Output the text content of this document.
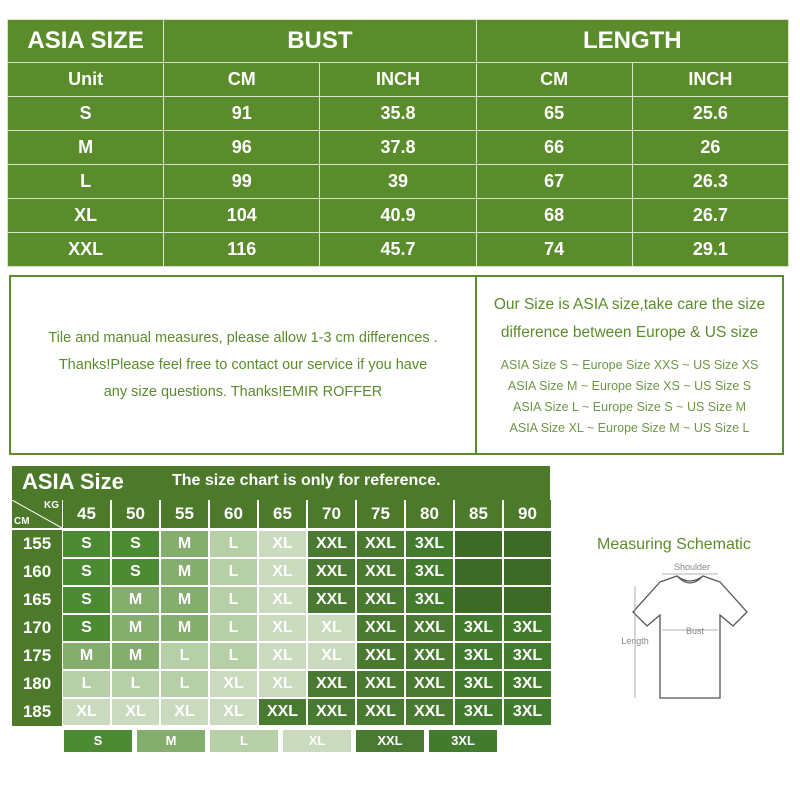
ASIA SIZE	BUST		LENGTH	
Unit	CM	INCH	CM	INCH
S	91	35.8	65	25.6
M	96	37.8	66	26
L	99	39	67	26.3
XL	104	40.9	68	26.7
XXL	116	45.7	74	29.1
Tile and manual measures, please allow 1-3 cm differences .
Thanks!Please feel free to contact our service if you have
any size questions. Thanks!EMIR ROFFER
Our Size is ASIA size,take care the size
difference between Europe & US size
ASIA Size S ~ Europe Size XXS ~ US Size XS
ASIA Size M ~ Europe Size XS ~ US Size S
ASIA Size L ~ Europe Size S ~ US Size M
ASIA Size XL ~ Europe Size M ~ US Size L
ASIA Size	The size chart is only for reference.
KG
CM	45	50	55	60	65	70	75	80	85	90
155	S	S	M	L	XL	XXL	XXL	3XL
160	S	S	M	L	XL	XXL	XXL	3XL
165	S	M	M	L	XL	XXL	XXL	3XL
170	S	M	M	L	XL	XL	XXL	XXL	3XL	3XL
175	M	M	L	L	XL	XL	XXL	XXL	3XL	3XL
180	L	L	L	XL	XL	XXL	XXL	XXL	3XL	3XL
185	XL	XL	XL	XL	XXL	XXL	XXL	XXL	3XL	3XL
S	M	L	XL	XXL	3XL
Measuring Schematic
Shoulder
Bust
Length
